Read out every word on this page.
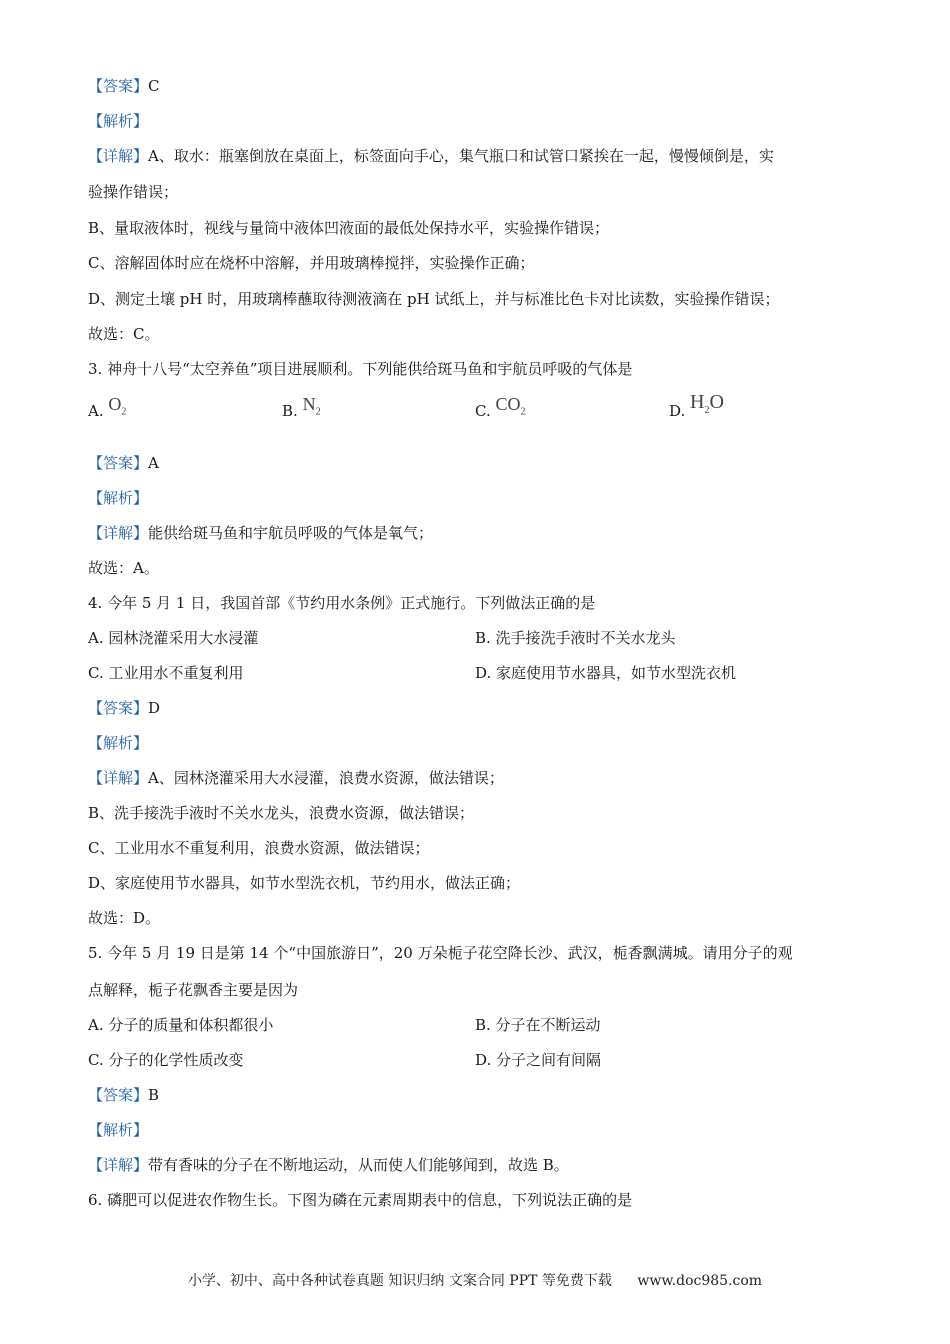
【答案】C
【解析】
【详解】A、取水：瓶塞倒放在桌面上，标签面向手心，集气瓶口和试管口紧挨在一起，慢慢倾倒是，实
验操作错误；
B、量取液体时，视线与量筒中液体凹液面的最低处保持水平，实验操作错误；
C、溶解固体时应在烧杯中溶解，并用玻璃棒搅拌，实验操作正确；
D、测定土壤 pH 时，用玻璃棒蘸取待测液滴在 pH 试纸上，并与标准比色卡对比读数，实验操作错误；
故选：C。
3. 神舟十八号“太空养鱼”项目进展顺利。下列能供给斑马鱼和宇航员呼吸的气体是
A. $O_2$	B. $N_2$	C. $CO_2$	D. $H_2O$
【答案】A
【解析】
【详解】能供给斑马鱼和宇航员呼吸的气体是氧气；
故选：A。
4. 今年 5 月 1 日，我国首部《节约用水条例》正式施行。下列做法正确的是
A. 园林浇灌采用大水浸灌	B. 洗手接洗手液时不关水龙头
C. 工业用水不重复利用	D. 家庭使用节水器具，如节水型洗衣机
【答案】D
【解析】
【详解】A、园林浇灌采用大水浸灌，浪费水资源，做法错误；
B、洗手接洗手液时不关水龙头，浪费水资源，做法错误；
C、工业用水不重复利用，浪费水资源，做法错误；
D、家庭使用节水器具，如节水型洗衣机，节约用水，做法正确；
故选：D。
5. 今年 5 月 19 日是第 14 个“中国旅游日”，20 万朵栀子花空降长沙、武汉，栀香飘满城。请用分子的观
点解释，栀子花飘香主要是因为
A. 分子的质量和体积都很小	B. 分子在不断运动
C. 分子的化学性质改变	D. 分子之间有间隔
【答案】B
【解析】
【详解】带有香味的分子在不断地运动，从而使人们能够闻到，故选 B。
6. 磷肥可以促进农作物生长。下图为磷在元素周期表中的信息，下列说法正确的是
小学、初中、高中各种试卷真题 知识归纳 文案合同 PPT 等免费下载 www.doc985.com
